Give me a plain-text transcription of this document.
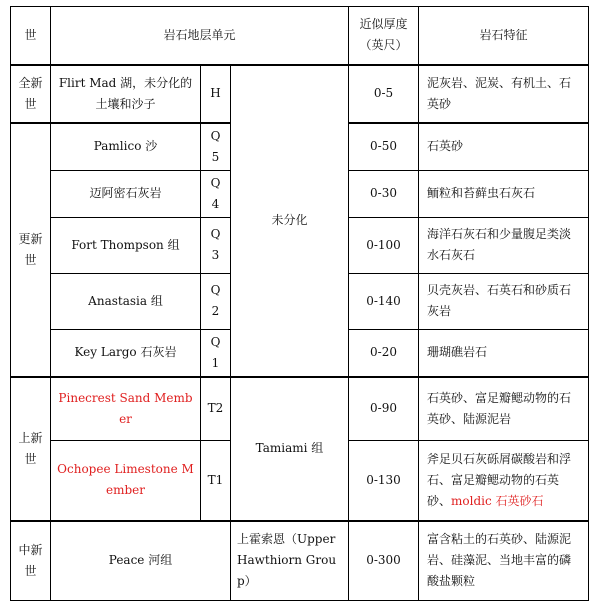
世	岩石地层单元			近似厚度（英尺）	岩石特征
全新世	Flirt Mad 湖，未分化的土壤和沙子	H	未分化	0-5	泥灰岩、泥炭、有机土、石英砂
更新世	Pamlico 沙	Q5		0-50	石英砂
	迈阿密石灰岩	Q4		0-30	鲕粒和苔藓虫石灰石
	Fort Thompson 组	Q3		0-100	海洋石灰石和少量腹足类淡水石灰石
	Anastasia 组	Q2		0-140	贝壳灰岩、石英石和砂质石灰岩
	Key Largo 石灰岩	Q1		0-20	珊瑚礁岩石
上新世	Pinecrest Sand Member	T2	Tamiami 组	0-90	石英砂、富足瓣鳃动物的石英砂、陆源泥岩
	Ochopee Limestone Member	T1		0-130	斧足贝石灰砾屑碳酸岩和浮石、富足瓣鳃动物的石英砂、moldic 石英砂石
中新世	Peace 河组		上霍索恩（Upper Hawthiorn Group）	0-300	富含粘土的石英砂、陆源泥岩、硅藻泥、当地丰富的磷酸盐颗粒
